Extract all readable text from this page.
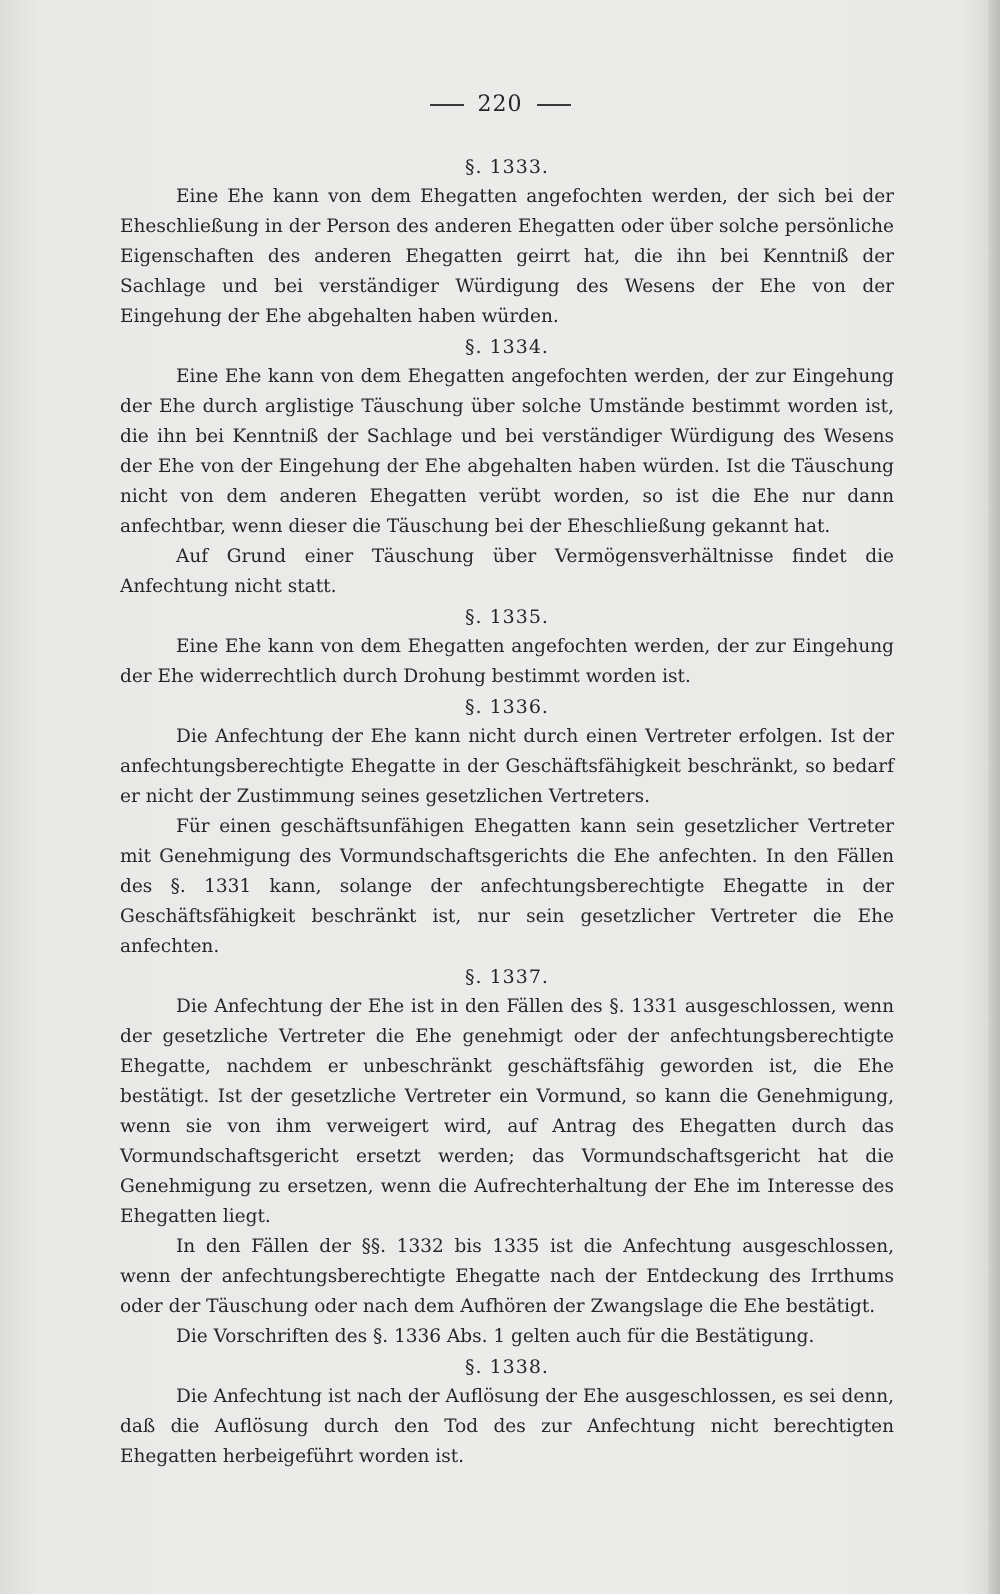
220
§. 1333.

Eine Ehe kann von dem Ehegatten angefochten werden, der sich bei der Eheschließung in der Person des anderen Ehegatten oder über solche persönliche Eigenschaften des anderen Ehegatten geirrt hat, die ihn bei Kenntniß der Sachlage und bei verständiger Würdigung des Wesens der Ehe von der Eingehung der Ehe abgehalten haben würden.

§. 1334.

Eine Ehe kann von dem Ehegatten angefochten werden, der zur Eingehung der Ehe durch arglistige Täuschung über solche Umstände bestimmt worden ist, die ihn bei Kenntniß der Sachlage und bei verständiger Würdigung des Wesens der Ehe von der Eingehung der Ehe abgehalten haben würden. Ist die Täuschung nicht von dem anderen Ehegatten verübt worden, so ist die Ehe nur dann anfechtbar, wenn dieser die Täuschung bei der Eheschließung gekannt hat.

Auf Grund einer Täuschung über Vermögensverhältnisse findet die Anfechtung nicht statt.

§. 1335.

Eine Ehe kann von dem Ehegatten angefochten werden, der zur Eingehung der Ehe widerrechtlich durch Drohung bestimmt worden ist.

§. 1336.

Die Anfechtung der Ehe kann nicht durch einen Vertreter erfolgen. Ist der anfechtungsberechtigte Ehegatte in der Geschäftsfähigkeit beschränkt, so bedarf er nicht der Zustimmung seines gesetzlichen Vertreters.

Für einen geschäftsunfähigen Ehegatten kann sein gesetzlicher Vertreter mit Genehmigung des Vormundschaftsgerichts die Ehe anfechten. In den Fällen des §. 1331 kann, solange der anfechtungsberechtigte Ehegatte in der Geschäftsfähigkeit beschränkt ist, nur sein gesetzlicher Vertreter die Ehe anfechten.

§. 1337.

Die Anfechtung der Ehe ist in den Fällen des §. 1331 ausgeschlossen, wenn der gesetzliche Vertreter die Ehe genehmigt oder der anfechtungsberechtigte Ehegatte, nachdem er unbeschränkt geschäftsfähig geworden ist, die Ehe bestätigt. Ist der gesetzliche Vertreter ein Vormund, so kann die Genehmigung, wenn sie von ihm verweigert wird, auf Antrag des Ehegatten durch das Vormundschaftsgericht ersetzt werden; das Vormundschaftsgericht hat die Genehmigung zu ersetzen, wenn die Aufrechterhaltung der Ehe im Interesse des Ehegatten liegt.

In den Fällen der §§. 1332 bis 1335 ist die Anfechtung ausgeschlossen, wenn der anfechtungsberechtigte Ehegatte nach der Entdeckung des Irrthums oder der Täuschung oder nach dem Aufhören der Zwangslage die Ehe bestätigt.

Die Vorschriften des §. 1336 Abs. 1 gelten auch für die Bestätigung.

§. 1338.

Die Anfechtung ist nach der Auflösung der Ehe ausgeschlossen, es sei denn, daß die Auflösung durch den Tod des zur Anfechtung nicht berechtigten Ehegatten herbeigeführt worden ist.
